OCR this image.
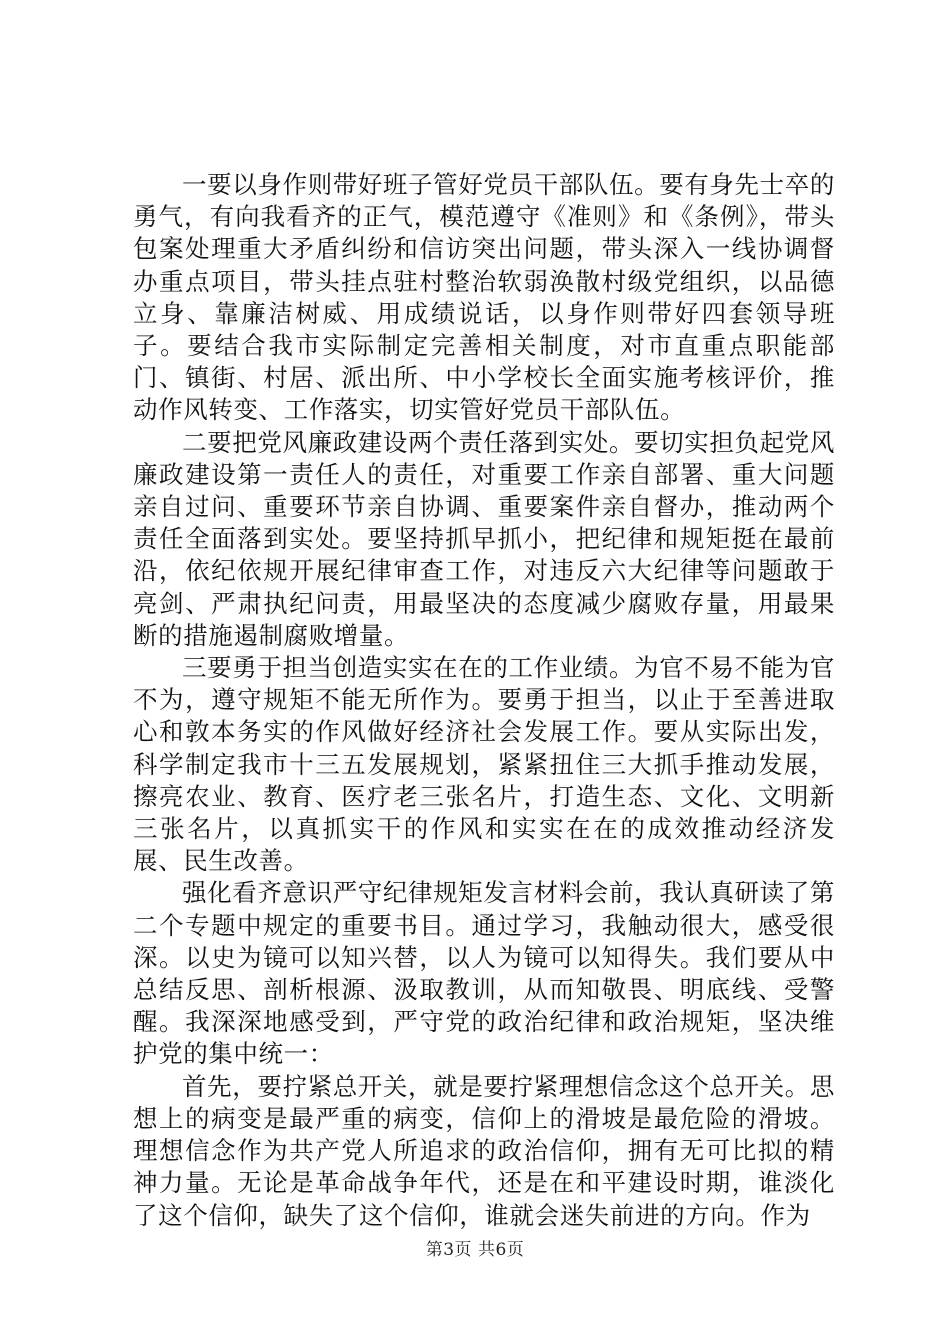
一要以身作则带好班子管好党员干部队伍。要有身先士卒的勇气，有向我看齐的正气，模范遵守《准则》和《条例》，带头包案处理重大矛盾纠纷和信访突出问题，带头深入一线协调督办重点项目，带头挂点驻村整治软弱涣散村级党组织，以品德立身、靠廉洁树威、用成绩说话，以身作则带好四套领导班子。要结合我市实际制定完善相关制度，对市直重点职能部门、镇街、村居、派出所、中小学校长全面实施考核评价，推动作风转变、工作落实，切实管好党员干部队伍。

二要把党风廉政建设两个责任落到实处。要切实担负起党风廉政建设第一责任人的责任，对重要工作亲自部署、重大问题亲自过问、重要环节亲自协调、重要案件亲自督办，推动两个责任全面落到实处。要坚持抓早抓小，把纪律和规矩挺在最前沿，依纪依规开展纪律审查工作，对违反六大纪律等问题敢于亮剑、严肃执纪问责，用最坚决的态度减少腐败存量，用最果断的措施遏制腐败增量。

三要勇于担当创造实实在在的工作业绩。为官不易不能为官不为，遵守规矩不能无所作为。要勇于担当，以止于至善进取心和敦本务实的作风做好经济社会发展工作。要从实际出发，科学制定我市十三五发展规划，紧紧扭住三大抓手推动发展，擦亮农业、教育、医疗老三张名片，打造生态、文化、文明新三张名片，以真抓实干的作风和实实在在的成效推动经济发展、民生改善。

强化看齐意识严守纪律规矩发言材料会前，我认真研读了第二个专题中规定的重要书目。通过学习，我触动很大，感受很深。以史为镜可以知兴替，以人为镜可以知得失。我们要从中总结反思、剖析根源、汲取教训，从而知敬畏、明底线、受警醒。我深深地感受到，严守党的政治纪律和政治规矩，坚决维护党的集中统一：

首先，要拧紧总开关，就是要拧紧理想信念这个总开关。思想上的病变是最严重的病变，信仰上的滑坡是最危险的滑坡。理想信念作为共产党人所追求的政治信仰，拥有无可比拟的精神力量。无论是革命战争年代，还是在和平建设时期，谁淡化了这个信仰，缺失了这个信仰，谁就会迷失前进的方向。作为

第3页 共6页
